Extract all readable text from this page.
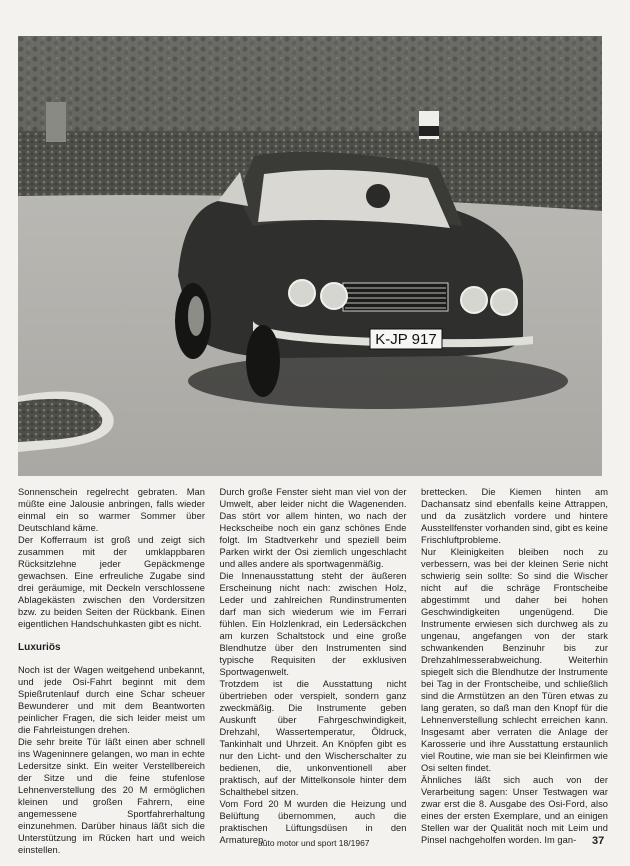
K-JP 917

Sonnenschein regelrecht gebraten. Man müßte eine Jalousie anbringen, falls wieder einmal ein so warmer Sommer über Deutschland käme.

Der Kofferraum ist groß und zeigt sich zusammen mit der umklappbaren Rücksitzlehne jeder Gepäckmenge gewachsen. Eine erfreuliche Zugabe sind drei geräumige, mit Deckeln verschlossene Ablagekästen zwischen den Vordersitzen bzw. zu beiden Seiten der Rückbank. Einen eigentlichen Handschuhkasten gibt es nicht.

Luxuriös

Noch ist der Wagen weitgehend unbekannt, und jede Osi-Fahrt beginnt mit dem Spießrutenlauf durch eine Schar scheuer Bewunderer und mit dem Beantworten peinlicher Fragen, die sich leider meist um die Fahrleistungen drehen.

Die sehr breite Tür läßt einen aber schnell ins Wageninnere gelangen, wo man in echte Ledersitze sinkt. Ein weiter Verstellbereich der Sitze und die feine stufenlose Lehnenverstellung des 20 M ermöglichen kleinen und großen Fahrern, eine angemessene Sportfahrerhaltung einzunehmen. Darüber hinaus läßt sich die Unterstützung im Rücken hart und weich einstellen.

Durch große Fenster sieht man viel von der Umwelt, aber leider nicht die Wagenenden. Das stört vor allem hinten, wo nach der Heckscheibe noch ein ganz schönes Ende folgt. Im Stadtverkehr und speziell beim Parken wirkt der Osi ziemlich ungeschlacht und alles andere als sportwagenmäßig.

Die Innenausstattung steht der äußeren Erscheinung nicht nach: zwischen Holz, Leder und zahlreichen Rundinstrumenten darf man sich wiederum wie im Ferrari fühlen. Ein Holzlenkrad, ein Ledersäckchen am kurzen Schaltstock und eine große Blendhutze über den Instrumenten sind typische Requisiten der exklusiven Sportwagenwelt.

Trotzdem ist die Ausstattung nicht übertrieben oder verspielt, sondern ganz zweckmäßig. Die Instrumente geben Auskunft über Fahrgeschwindigkeit, Drehzahl, Wassertemperatur, Öldruck, Tankinhalt und Uhrzeit. An Knöpfen gibt es nur den Licht- und den Wischerschalter zu bedienen, die, unkonventionell aber praktisch, auf der Mittelkonsole hinter dem Schalthebel sitzen.

Vom Ford 20 M wurden die Heizung und Belüftung übernommen, auch die praktischen Lüftungsdüsen in den Armaturen-

brettecken. Die Kiemen hinten am Dachansatz sind ebenfalls keine Attrappen, und da zusätzlich vordere und hintere Ausstellfenster vorhanden sind, gibt es keine Frischluftprobleme.

Nur Kleinigkeiten bleiben noch zu verbessern, was bei der kleinen Serie nicht schwierig sein sollte: So sind die Wischer nicht auf die schräge Frontscheibe abgestimmt und daher bei hohen Geschwindigkeiten ungenügend. Die Instrumente erwiesen sich durchweg als zu ungenau, angefangen von der stark schwankenden Benzinuhr bis zur Drehzahlmesserabweichung. Weiterhin spiegelt sich die Blendhutze der Instrumente bei Tag in der Frontscheibe, und schließlich sind die Armstützen an den Türen etwas zu lang geraten, so daß man den Knopf für die Lehnenverstellung schlecht erreichen kann. Insgesamt aber verraten die Anlage der Karosserie und ihre Ausstattung erstaunlich viel Routine, wie man sie bei Kleinfirmen wie Osi selten findet.

Ähnliches läßt sich auch von der Verarbeitung sagen: Unser Testwagen war zwar erst die 8. Ausgabe des Osi-Ford, also eines der ersten Exemplare, und an einigen Stellen war der Qualität noch mit Leim und Pinsel nachgeholfen worden. Im gan-

auto motor und sport 18/1967	37
